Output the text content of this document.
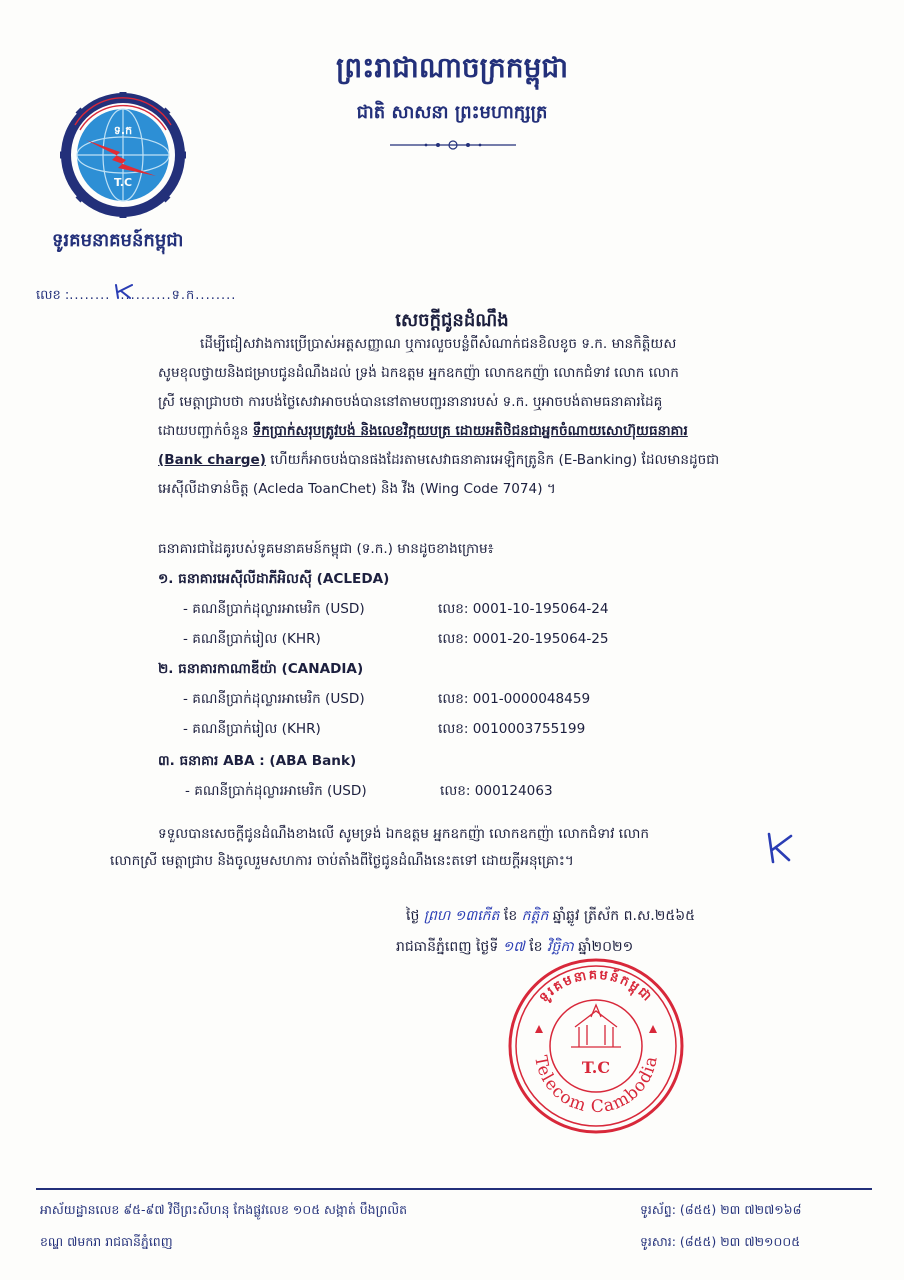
ព្រះរាជាណាចក្រកម្ពុជា
ជាតិ សាសនា ព្រះមហាក្សត្រ
ទ.ក
T.C
ទូរគមនាគមន៍កម្ពុជា
លេខ :........ ..........ទ.ក........
សេចក្តីជូនដំណឹង
ដើម្បីជៀសវាងការប្រើប្រាស់អត្តសញ្ញាណ ឬការលួចបន្លំពីសំណាក់ជនខិលខូច ទ.ក. មានកិត្តិយស
សូមខុលថ្វាយនិងជម្រាបជូនដំណឹងដល់ ទ្រង់ ឯកឧត្តម អ្នកឧកញ៉ា លោកឧកញ៉ា លោកជំទាវ លោក លោក
ស្រី មេត្តាជ្រាបថា ការបង់ថ្លៃសេវាអាចបង់បាននៅតាមបញ្ជរនានារបស់ ទ.ក. ឬអាចបង់តាមធនាគារដៃគូ
ដោយបញ្ជាក់ចំនួន ទឹកប្រាក់សរុបត្រូវបង់ និងលេខវិក្កយបត្រ ដោយអតិថិជនជាអ្នកចំណាយសោហ៊ុយធនាគារ
(Bank charge) ហើយក៏អាចបង់បានផងដែរតាមសេវាធនាគារអេឡិកត្រូនិក (E-Banking) ដែលមានដូចជា
អេស៊ីលីដាទាន់ចិត្ត (Acleda ToanChet) និង វីង (Wing Code 7074) ។
ធនាគារជាដៃគូរបស់ទូគមនាគមន៍កម្ពុជា (ទ.ក.) មានដូចខាងក្រោម៖
១. ធនាគារអេស៊ីលីដាភីអិលស៊ី (ACLEDA)
- គណនីប្រាក់ដុល្លារអាមេរិក (USD)	លេខ: 0001-10-195064-24
- គណនីប្រាក់រៀល (KHR)	លេខ: 0001-20-195064-25
២. ធនាគារកាណាឌីយ៉ា (CANADIA)
- គណនីប្រាក់ដុល្លារអាមេរិក (USD)	លេខ: 001-0000048459
- គណនីប្រាក់រៀល (KHR)	លេខ: 0010003755199
៣. ធនាគារ ABA : (ABA Bank)
- គណនីប្រាក់ដុល្លារអាមេរិក (USD)	លេខ: 000124063
ទទួលបានសេចក្តីជូនដំណឹងខាងលើ សូមទ្រង់ ឯកឧត្តម អ្នកឧកញ៉ា លោកឧកញ៉ា លោកជំទាវ លោក
លោកស្រី មេត្តាជ្រាប និងចូលរួមសហការ ចាប់តាំងពីថ្ងៃជូនដំណឹងនេះតទៅ ដោយក្តីអនុគ្រោះ។
ថ្ងៃ ព្រហ ១៣កើត ខែ កត្តិក ឆ្នាំឆ្លូវ ត្រីស័ក ព.ស.២៥៦៥
រាជធានីភ្នំពេញ ថ្ងៃទី ១៧ ខែ វិច្ឆិកា ឆ្នាំ២០២១
ទូរគមនាគមន៍កម្ពុជា
Telecom Cambodia
T.C
អាស័យដ្ឋានលេខ ៩៥-៩៧ វិថីព្រះសីហនុ កែងផ្លូវលេខ ១០៥ សង្កាត់ បឹងព្រលិត
ខណ្ឌ ៧មករា រាជធានីភ្នំពេញ
ទូរស័ព្ទ: (៨៥៥) ២៣ ៧២៧១៦៨
ទូរសារ: (៨៥៥) ២៣ ៧២១០០៥
